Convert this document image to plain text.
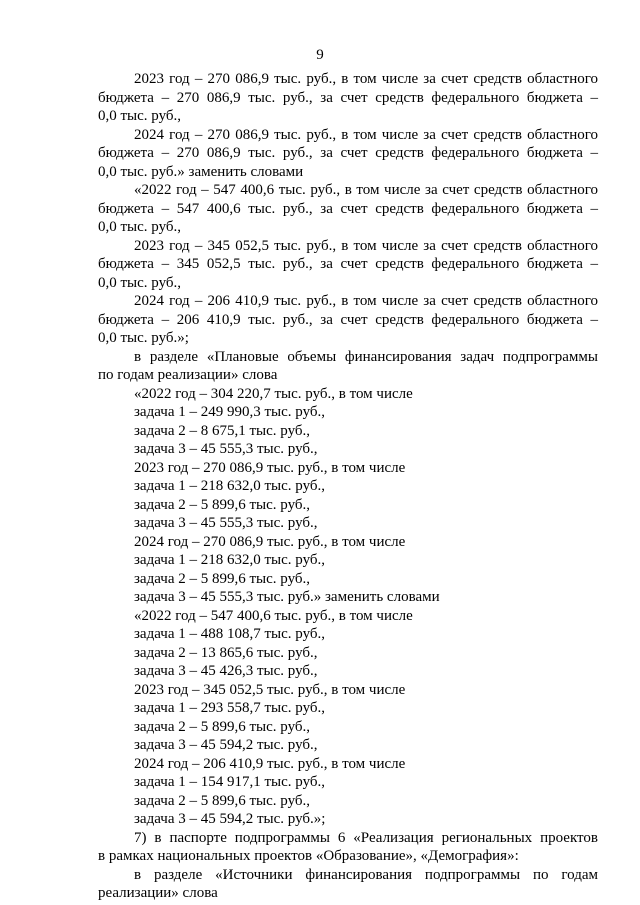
9
2023 год – 270 086,9 тыс. руб., в том числе за счет средств областного
бюджета – 270 086,9 тыс. руб., за счет средств федерального бюджета –
0,0 тыс. руб.,
2024 год – 270 086,9 тыс. руб., в том числе за счет средств областного
бюджета – 270 086,9 тыс. руб., за счет средств федерального бюджета –
0,0 тыс. руб.» заменить словами
«2022 год – 547 400,6 тыс. руб., в том числе за счет средств областного
бюджета – 547 400,6 тыс. руб., за счет средств федерального бюджета –
0,0 тыс. руб.,
2023 год – 345 052,5 тыс. руб., в том числе за счет средств областного
бюджета – 345 052,5 тыс. руб., за счет средств федерального бюджета –
0,0 тыс. руб.,
2024 год – 206 410,9 тыс. руб., в том числе за счет средств областного
бюджета – 206 410,9 тыс. руб., за счет средств федерального бюджета –
0,0 тыс. руб.»;
в разделе «Плановые объемы финансирования задач подпрограммы
по годам реализации» слова
«2022 год – 304 220,7 тыс. руб., в том числе
задача 1 – 249 990,3 тыс. руб.,
задача 2 – 8 675,1 тыс. руб.,
задача 3 – 45 555,3 тыс. руб.,
2023 год – 270 086,9 тыс. руб., в том числе
задача 1 – 218 632,0 тыс. руб.,
задача 2 – 5 899,6 тыс. руб.,
задача 3 – 45 555,3 тыс. руб.,
2024 год – 270 086,9 тыс. руб., в том числе
задача 1 – 218 632,0 тыс. руб.,
задача 2 – 5 899,6 тыс. руб.,
задача 3 – 45 555,3 тыс. руб.» заменить словами
«2022 год – 547 400,6 тыс. руб., в том числе
задача 1 – 488 108,7 тыс. руб.,
задача 2 – 13 865,6 тыс. руб.,
задача 3 – 45 426,3 тыс. руб.,
2023 год – 345 052,5 тыс. руб., в том числе
задача 1 – 293 558,7 тыс. руб.,
задача 2 – 5 899,6 тыс. руб.,
задача 3 – 45 594,2 тыс. руб.,
2024 год – 206 410,9 тыс. руб., в том числе
задача 1 – 154 917,1 тыс. руб.,
задача 2 – 5 899,6 тыс. руб.,
задача 3 – 45 594,2 тыс. руб.»;
7) в паспорте подпрограммы 6 «Реализация региональных проектов
в рамках национальных проектов «Образование», «Демография»:
в разделе «Источники финансирования подпрограммы по годам
реализации» слова
